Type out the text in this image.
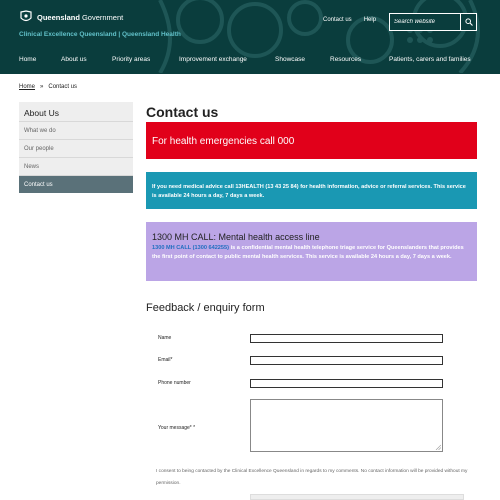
Queensland Government
Clinical Excellence Queensland | Queensland Health
Contact us Help
Search website
Home	About us	Priority areas	Improvement exchange	Showcase	Resources	Patients, carers and families
Home » Contact us
About Us
What we do
Our people
News
Contact us
Contact us
For health emergencies call 000
If you need medical advice call 13HEALTH (13 43 25 84) for health information, advice or referral services. This service is available 24 hours a day, 7 days a week.
1300 MH CALL: Mental health access line
1300 MH CALL (1300 642255) is a confidential mental health telephone triage service for Queenslanders that provides the first point of contact to public mental health services. This service is available 24 hours a day, 7 days a week.
Feedback / enquiry form
Name
Email*
Phone number
Your message* *
I consent to being contacted by the Clinical Excellence Queensland in regards to my comments. No contact information will be provided without my permission.
